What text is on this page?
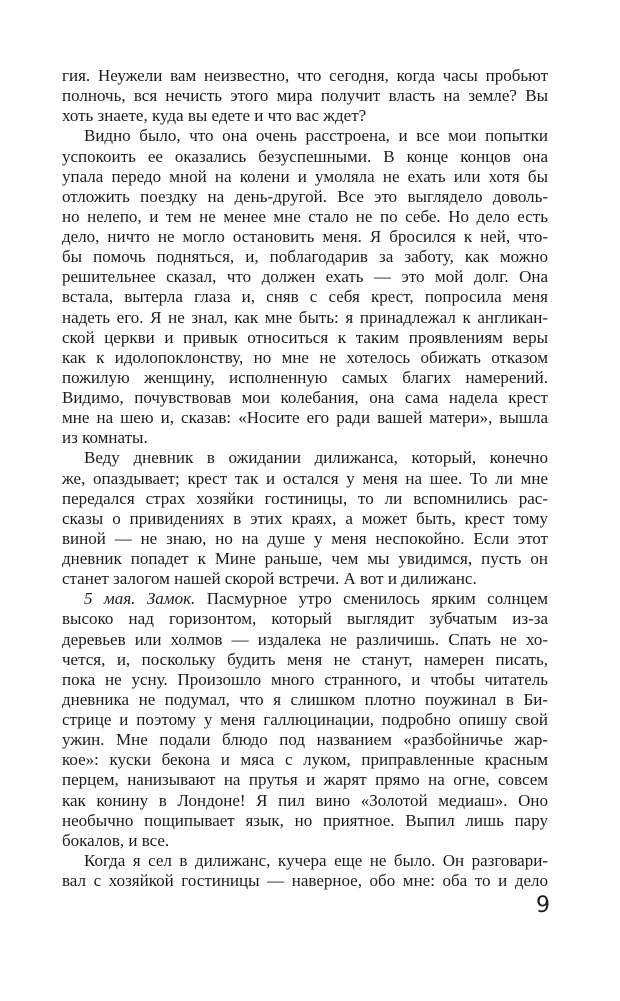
гия. Неужели вам неизвестно, что сегодня, когда часы пробьют
полночь, вся нечисть этого мира получит власть на земле? Вы
хоть знаете, куда вы едете и что вас ждет?
Видно было, что она очень расстроена, и все мои попытки
успокоить ее оказались безуспешными. В конце концов она
упала передо мной на колени и умоляла не ехать или хотя бы
отложить поездку на день-другой. Все это выглядело доволь-
но нелепо, и тем не менее мне стало не по себе. Но дело есть
дело, ничто не могло остановить меня. Я бросился к ней, что-
бы помочь подняться, и, поблагодарив за заботу, как можно
решительнее сказал, что должен ехать — это мой долг. Она
встала, вытерла глаза и, сняв с себя крест, попросила меня
надеть его. Я не знал, как мне быть: я принадлежал к англикан-
ской церкви и привык относиться к таким проявлениям веры
как к идолопоклонству, но мне не хотелось обижать отказом
пожилую женщину, исполненную самых благих намерений.
Видимо, почувствовав мои колебания, она сама надела крест
мне на шею и, сказав: «Носите его ради вашей матери», вышла
из комнаты.
Веду дневник в ожидании дилижанса, который, конечно
же, опаздывает; крест так и остался у меня на шее. То ли мне
передался страх хозяйки гостиницы, то ли вспомнились рас-
сказы о привидениях в этих краях, а может быть, крест тому
виной — не знаю, но на душе у меня неспокойно. Если этот
дневник попадет к Мине раньше, чем мы увидимся, пусть он
станет залогом нашей скорой встречи. А вот и дилижанс.
5 мая. Замок. Пасмурное утро сменилось ярким солнцем
высоко над горизонтом, который выглядит зубчатым из-за
деревьев или холмов — издалека не различишь. Спать не хо-
чется, и, поскольку будить меня не станут, намерен писать,
пока не усну. Произошло много странного, и чтобы читатель
дневника не подумал, что я слишком плотно поужинал в Би-
стрице и поэтому у меня галлюцинации, подробно опишу свой
ужин. Мне подали блюдо под названием «разбойничье жар-
кое»: куски бекона и мяса с луком, приправленные красным
перцем, нанизывают на прутья и жарят прямо на огне, совсем
как конину в Лондоне! Я пил вино «Золотой медиаш». Оно
необычно пощипывает язык, но приятное. Выпил лишь пару
бокалов, и все.
Когда я сел в дилижанс, кучера еще не было. Он разговари-
вал с хозяйкой гостиницы — наверное, обо мне: оба то и дело
9
